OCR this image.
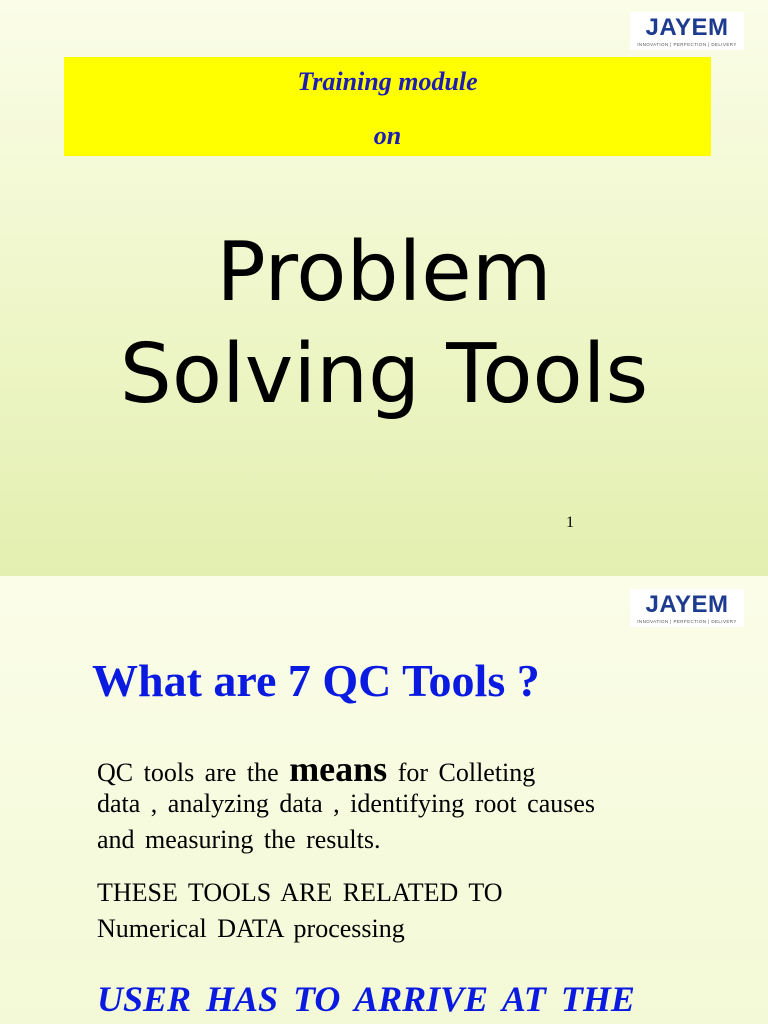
JAYEM
INNOVATION | PERFECTION | DELIVERY
Training module
on
Problem
Solving Tools
1
JAYEM
INNOVATION | PERFECTION | DELIVERY
What are 7 QC Tools ?
QC tools are the means for Colleting
data , analyzing data , identifying root causes
and measuring the results.
THESE TOOLS ARE RELATED TO
Numerical DATA processing
USER HAS TO ARRIVE AT THE
